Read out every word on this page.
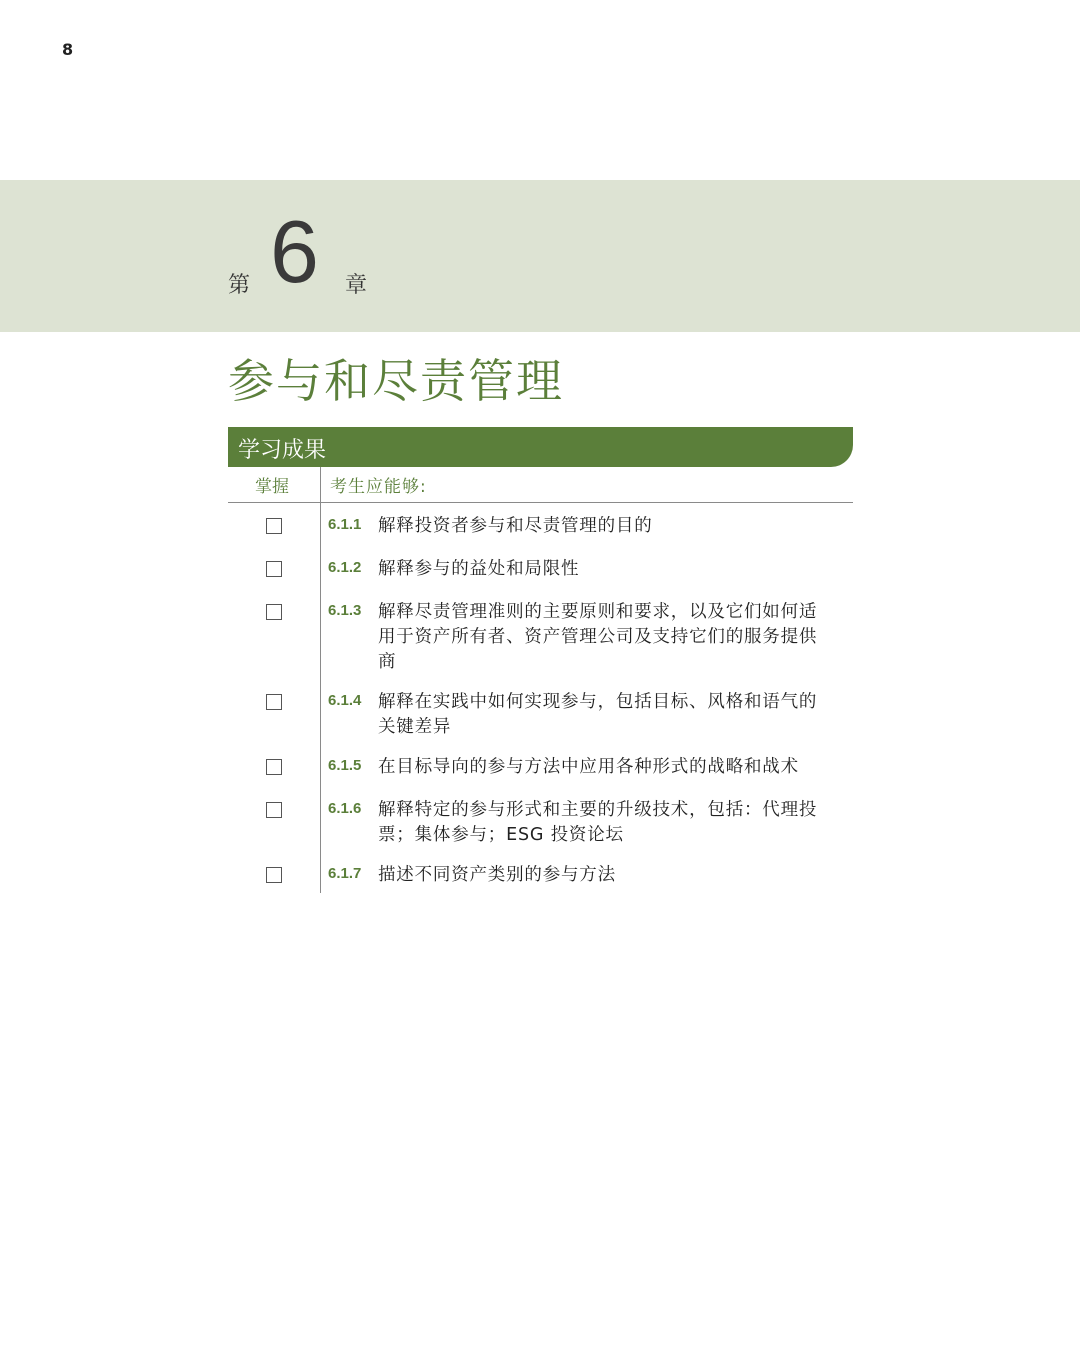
8
第 6 章
参与和尽责管理
学习成果
掌握 考生应能够:
6.1.1 解释投资者参与和尽责管理的目的
6.1.2 解释参与的益处和局限性
6.1.3 解释尽责管理准则的主要原则和要求，以及它们如何适用于资产所有者、资产管理公司及支持它们的服务提供商
6.1.4 解释在实践中如何实现参与，包括目标、风格和语气的关键差异
6.1.5 在目标导向的参与方法中应用各种形式的战略和战术
6.1.6 解释特定的参与形式和主要的升级技术，包括：代理投票；集体参与；ESG 投资论坛
6.1.7 描述不同资产类别的参与方法
